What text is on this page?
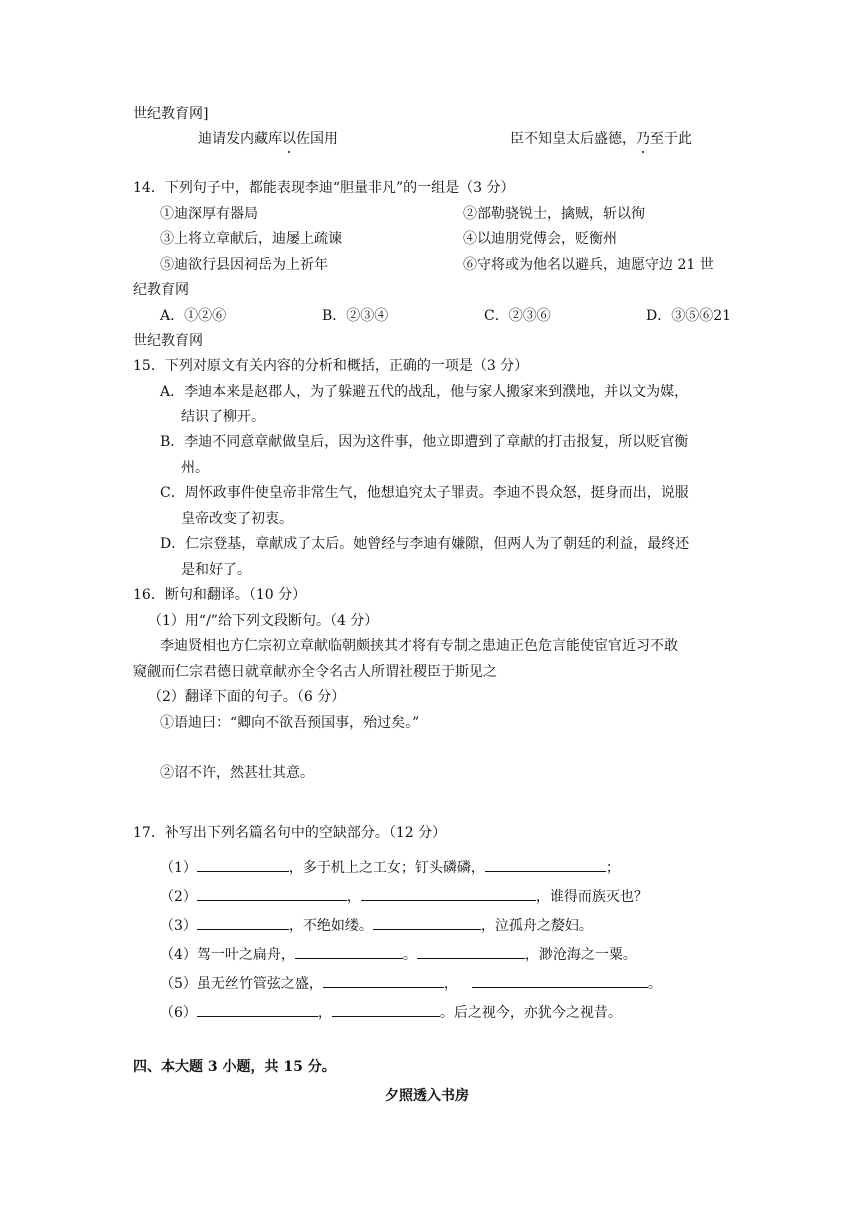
世纪教育网]
迪请发内藏库以佐国用	臣不知皇太后盛德，乃至于此
14．下列句子中，都能表现李迪“胆量非凡”的一组是（3 分）
①迪深厚有器局	②部勒骁锐士，擒贼，斩以徇
③上将立章献后，迪屡上疏谏	④以迪朋党傅会，贬衡州
⑤迪欲行县因祠岳为上祈年	⑥守将或为他名以避兵，迪愿守边 21 世
纪教育网
A．①②⑥	B．②③④	C．②③⑥	D．③⑤⑥21
世纪教育网
15．下列对原文有关内容的分析和概括，正确的一项是（3 分）
A．李迪本来是赵郡人，为了躲避五代的战乱，他与家人搬家来到濮地，并以文为媒，
结识了柳开。
B．李迪不同意章献做皇后，因为这件事，他立即遭到了章献的打击报复，所以贬官衡
州。
C．周怀政事件使皇帝非常生气，他想追究太子罪责。李迪不畏众怒，挺身而出，说服
皇帝改变了初衷。
D．仁宗登基，章献成了太后。她曾经与李迪有嫌隙，但两人为了朝廷的利益，最终还
是和好了。
16．断句和翻译。（10 分）
（1）用“/”给下列文段断句。（4 分）
李迪贤相也方仁宗初立章献临朝颇挟其才将有专制之患迪正色危言能使宦官近习不敢
窥觎而仁宗君德日就章献亦全令名古人所谓社稷臣于斯见之
（2）翻译下面的句子。（6 分）
①语迪曰：“卿向不欲吾预国事，殆过矣。”
②诏不许，然甚壮其意。
17．补写出下列名篇名句中的空缺部分。（12 分）
（1）	，多于机上之工女；钉头磷磷，	；
（2）	，	，谁得而族灭也？
（3）	，不绝如缕。	，泣孤舟之嫠妇。
（4）驾一叶之扁舟，	。	，渺沧海之一粟。
（5）虽无丝竹管弦之盛，	，	。
（6）	，	。后之视今，亦犹今之视昔。
四、本大题 3 小题，共 15 分。
夕照透入书房
